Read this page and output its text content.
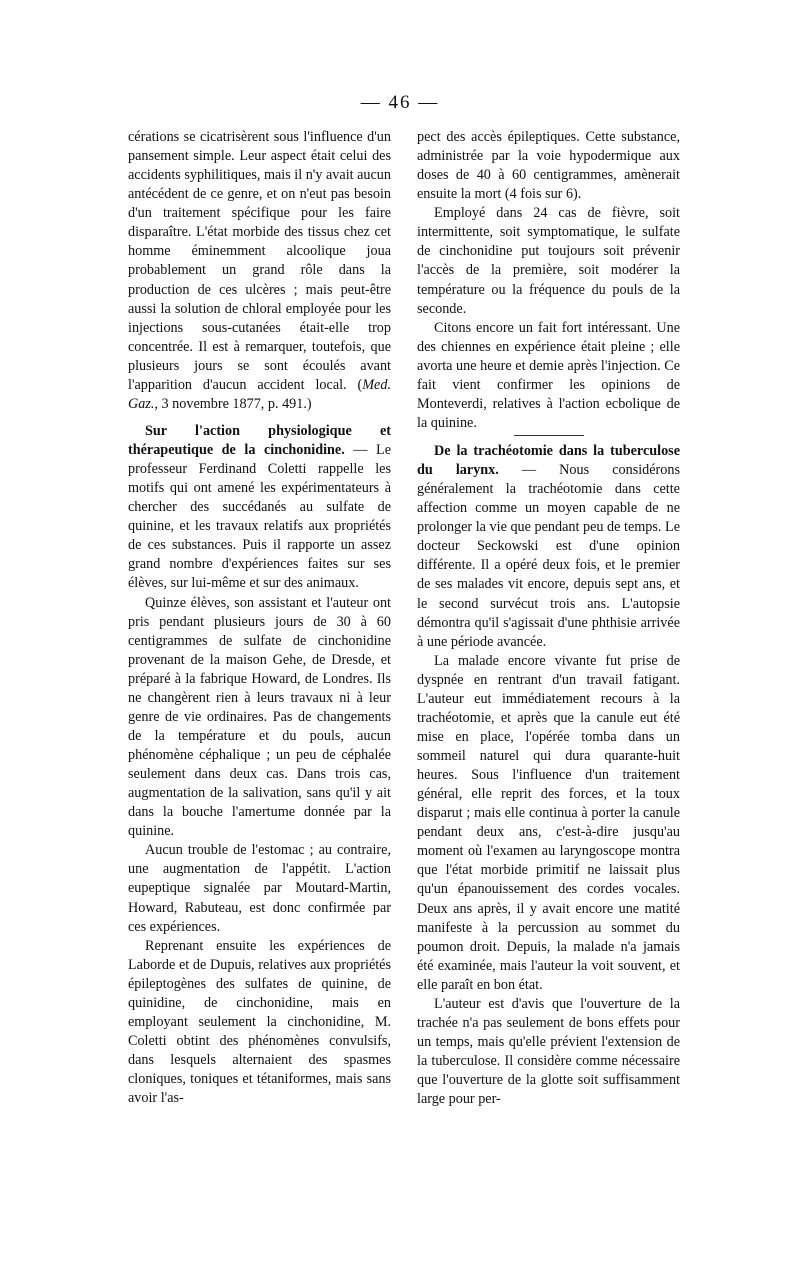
— 46 —

cérations se cicatrisèrent sous l'influence d'un pansement simple. Leur aspect était celui des accidents syphilitiques, mais il n'y avait aucun antécédent de ce genre, et on n'eut pas besoin d'un traitement spécifique pour les faire disparaître. L'état morbide des tissus chez cet homme éminemment alcoolique joua probablement un grand rôle dans la production de ces ulcères ; mais peut-être aussi la solution de chloral employée pour les injections sous-cutanées était-elle trop concentrée. Il est à remarquer, toutefois, que plusieurs jours se sont écoulés avant l'apparition d'aucun accident local. (Med. Gaz., 3 novembre 1877, p. 491.)

Sur l'action physiologique et thérapeutique de la cinchonidine. — Le professeur Ferdinand Coletti rappelle les motifs qui ont amené les expérimentateurs à chercher des succédanés au sulfate de quinine, et les travaux relatifs aux propriétés de ces substances. Puis il rapporte un assez grand nombre d'expériences faites sur ses élèves, sur lui-même et sur des animaux.

Quinze élèves, son assistant et l'auteur ont pris pendant plusieurs jours de 30 à 60 centigrammes de sulfate de cinchonidine provenant de la maison Gehe, de Dresde, et préparé à la fabrique Howard, de Londres. Ils ne changèrent rien à leurs travaux ni à leur genre de vie ordinaires. Pas de changements de la température et du pouls, aucun phénomène céphalique ; un peu de céphalée seulement dans deux cas. Dans trois cas, augmentation de la salivation, sans qu'il y ait dans la bouche l'amertume donnée par la quinine.

Aucun trouble de l'estomac ; au contraire, une augmentation de l'appétit. L'action eupeptique signalée par Moutard-Martin, Howard, Rabuteau, est donc confirmée par ces expériences.

Reprenant ensuite les expériences de Laborde et de Dupuis, relatives aux propriétés épileptogènes des sulfates de quinine, de quinidine, de cinchonidine, mais en employant seulement la cinchonidine, M. Coletti obtint des phénomènes convulsifs, dans lesquels alternaient des spasmes cloniques, toniques et tétaniformes, mais sans avoir l'as-

pect des accès épileptiques. Cette substance, administrée par la voie hypodermique aux doses de 40 à 60 centigrammes, amènerait ensuite la mort (4 fois sur 6).

Employé dans 24 cas de fièvre, soit intermittente, soit symptomatique, le sulfate de cinchonidine put toujours soit prévenir l'accès de la première, soit modérer la température ou la fréquence du pouls de la seconde.

Citons encore un fait fort intéressant. Une des chiennes en expérience était pleine ; elle avorta une heure et demie après l'injection. Ce fait vient confirmer les opinions de Monteverdi, relatives à l'action ecbolique de la quinine.

De la trachéotomie dans la tuberculose du larynx. — Nous considérons généralement la trachéotomie dans cette affection comme un moyen capable de ne prolonger la vie que pendant peu de temps. Le docteur Seckowski est d'une opinion différente. Il a opéré deux fois, et le premier de ses malades vit encore, depuis sept ans, et le second survécut trois ans. L'autopsie démontra qu'il s'agissait d'une phthisie arrivée à une période avancée.

La malade encore vivante fut prise de dyspnée en rentrant d'un travail fatigant. L'auteur eut immédiatement recours à la trachéotomie, et après que la canule eut été mise en place, l'opérée tomba dans un sommeil naturel qui dura quarante-huit heures. Sous l'influence d'un traitement général, elle reprit des forces, et la toux disparut ; mais elle continua à porter la canule pendant deux ans, c'est-à-dire jusqu'au moment où l'examen au laryngoscope montra que l'état morbide primitif ne laissait plus qu'un épanouissement des cordes vocales. Deux ans après, il y avait encore une matité manifeste à la percussion au sommet du poumon droit. Depuis, la malade n'a jamais été examinée, mais l'auteur la voit souvent, et elle paraît en bon état.

L'auteur est d'avis que l'ouverture de la trachée n'a pas seulement de bons effets pour un temps, mais qu'elle prévient l'extension de la tuberculose. Il considère comme nécessaire que l'ouverture de la glotte soit suffisamment large pour per-
